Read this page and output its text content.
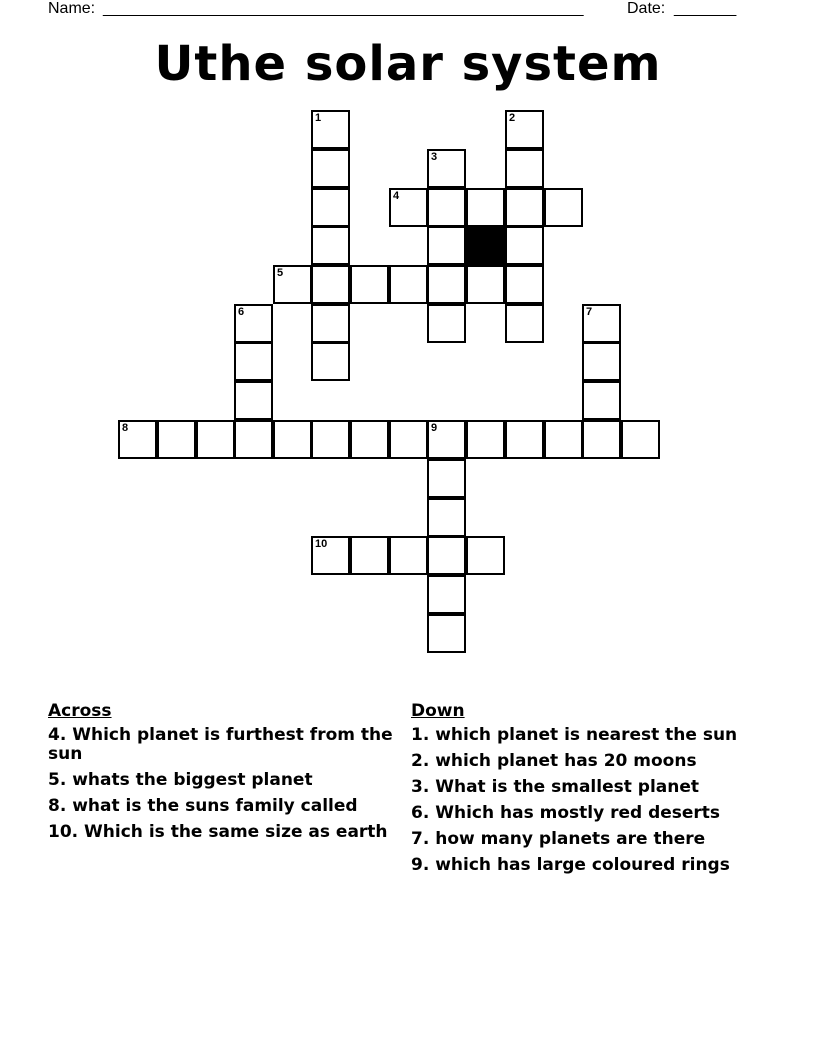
Name: ______________________________________________________	Date: _______
Uthe solar system
1	2
3
4
5
6	7
8	9
10
Across
4. Which planet is furthest from the sun
5. whats the biggest planet
8. what is the suns family called
10. Which is the same size as earth
Down
1. which planet is nearest the sun
2. which planet has 20 moons
3. What is the smallest planet
6. Which has mostly red deserts
7. how many planets are there
9. which has large coloured rings
